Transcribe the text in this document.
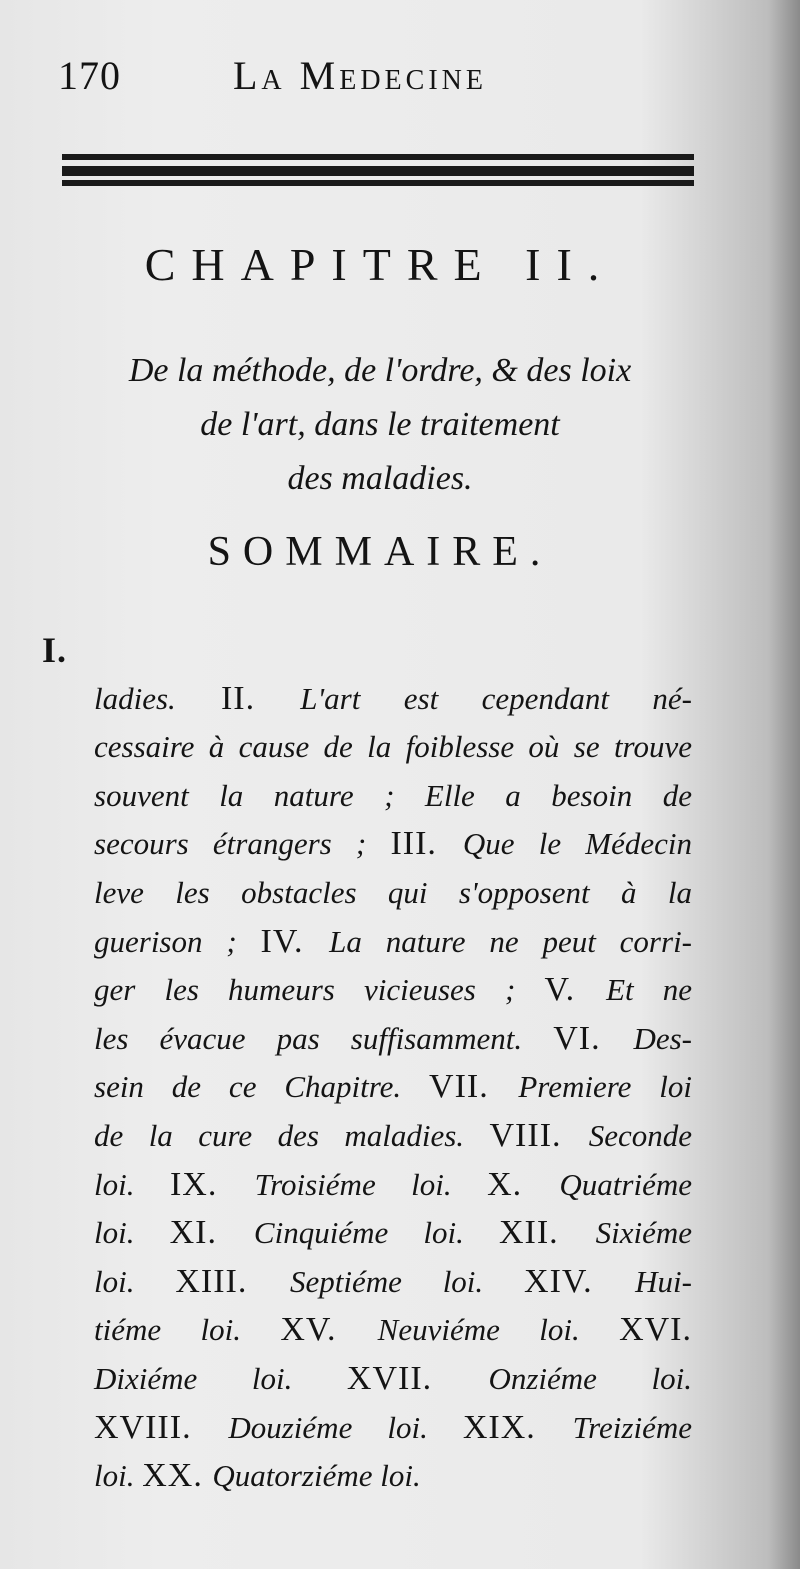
170	La Medecine
CHAPITRE II.
De la méthode, de l'ordre, & des loix
de l'art, dans le traitement
des maladies.
SOMMAIRE.
I.
ladies. II. L'art est cependant né-
cessaire à cause de la foiblesse où se trouve
souvent la nature ; Elle a besoin de
secours étrangers ; III. Que le Médecin
leve les obstacles qui s'opposent à la
guerison ; IV. La nature ne peut corri-
ger les humeurs vicieuses ; V. Et ne
les évacue pas suffisamment. VI. Des-
sein de ce Chapitre. VII. Premiere loi
de la cure des maladies. VIII. Seconde
loi. IX. Troisiéme loi. X. Quatriéme
loi. XI. Cinquiéme loi. XII. Sixiéme
loi. XIII. Septiéme loi. XIV. Hui-
tiéme loi. XV. Neuviéme loi. XVI.
Dixiéme loi. XVII. Onziéme loi.
XVIII. Douziéme loi. XIX. Treiziéme
loi. XX. Quatorziéme loi.
